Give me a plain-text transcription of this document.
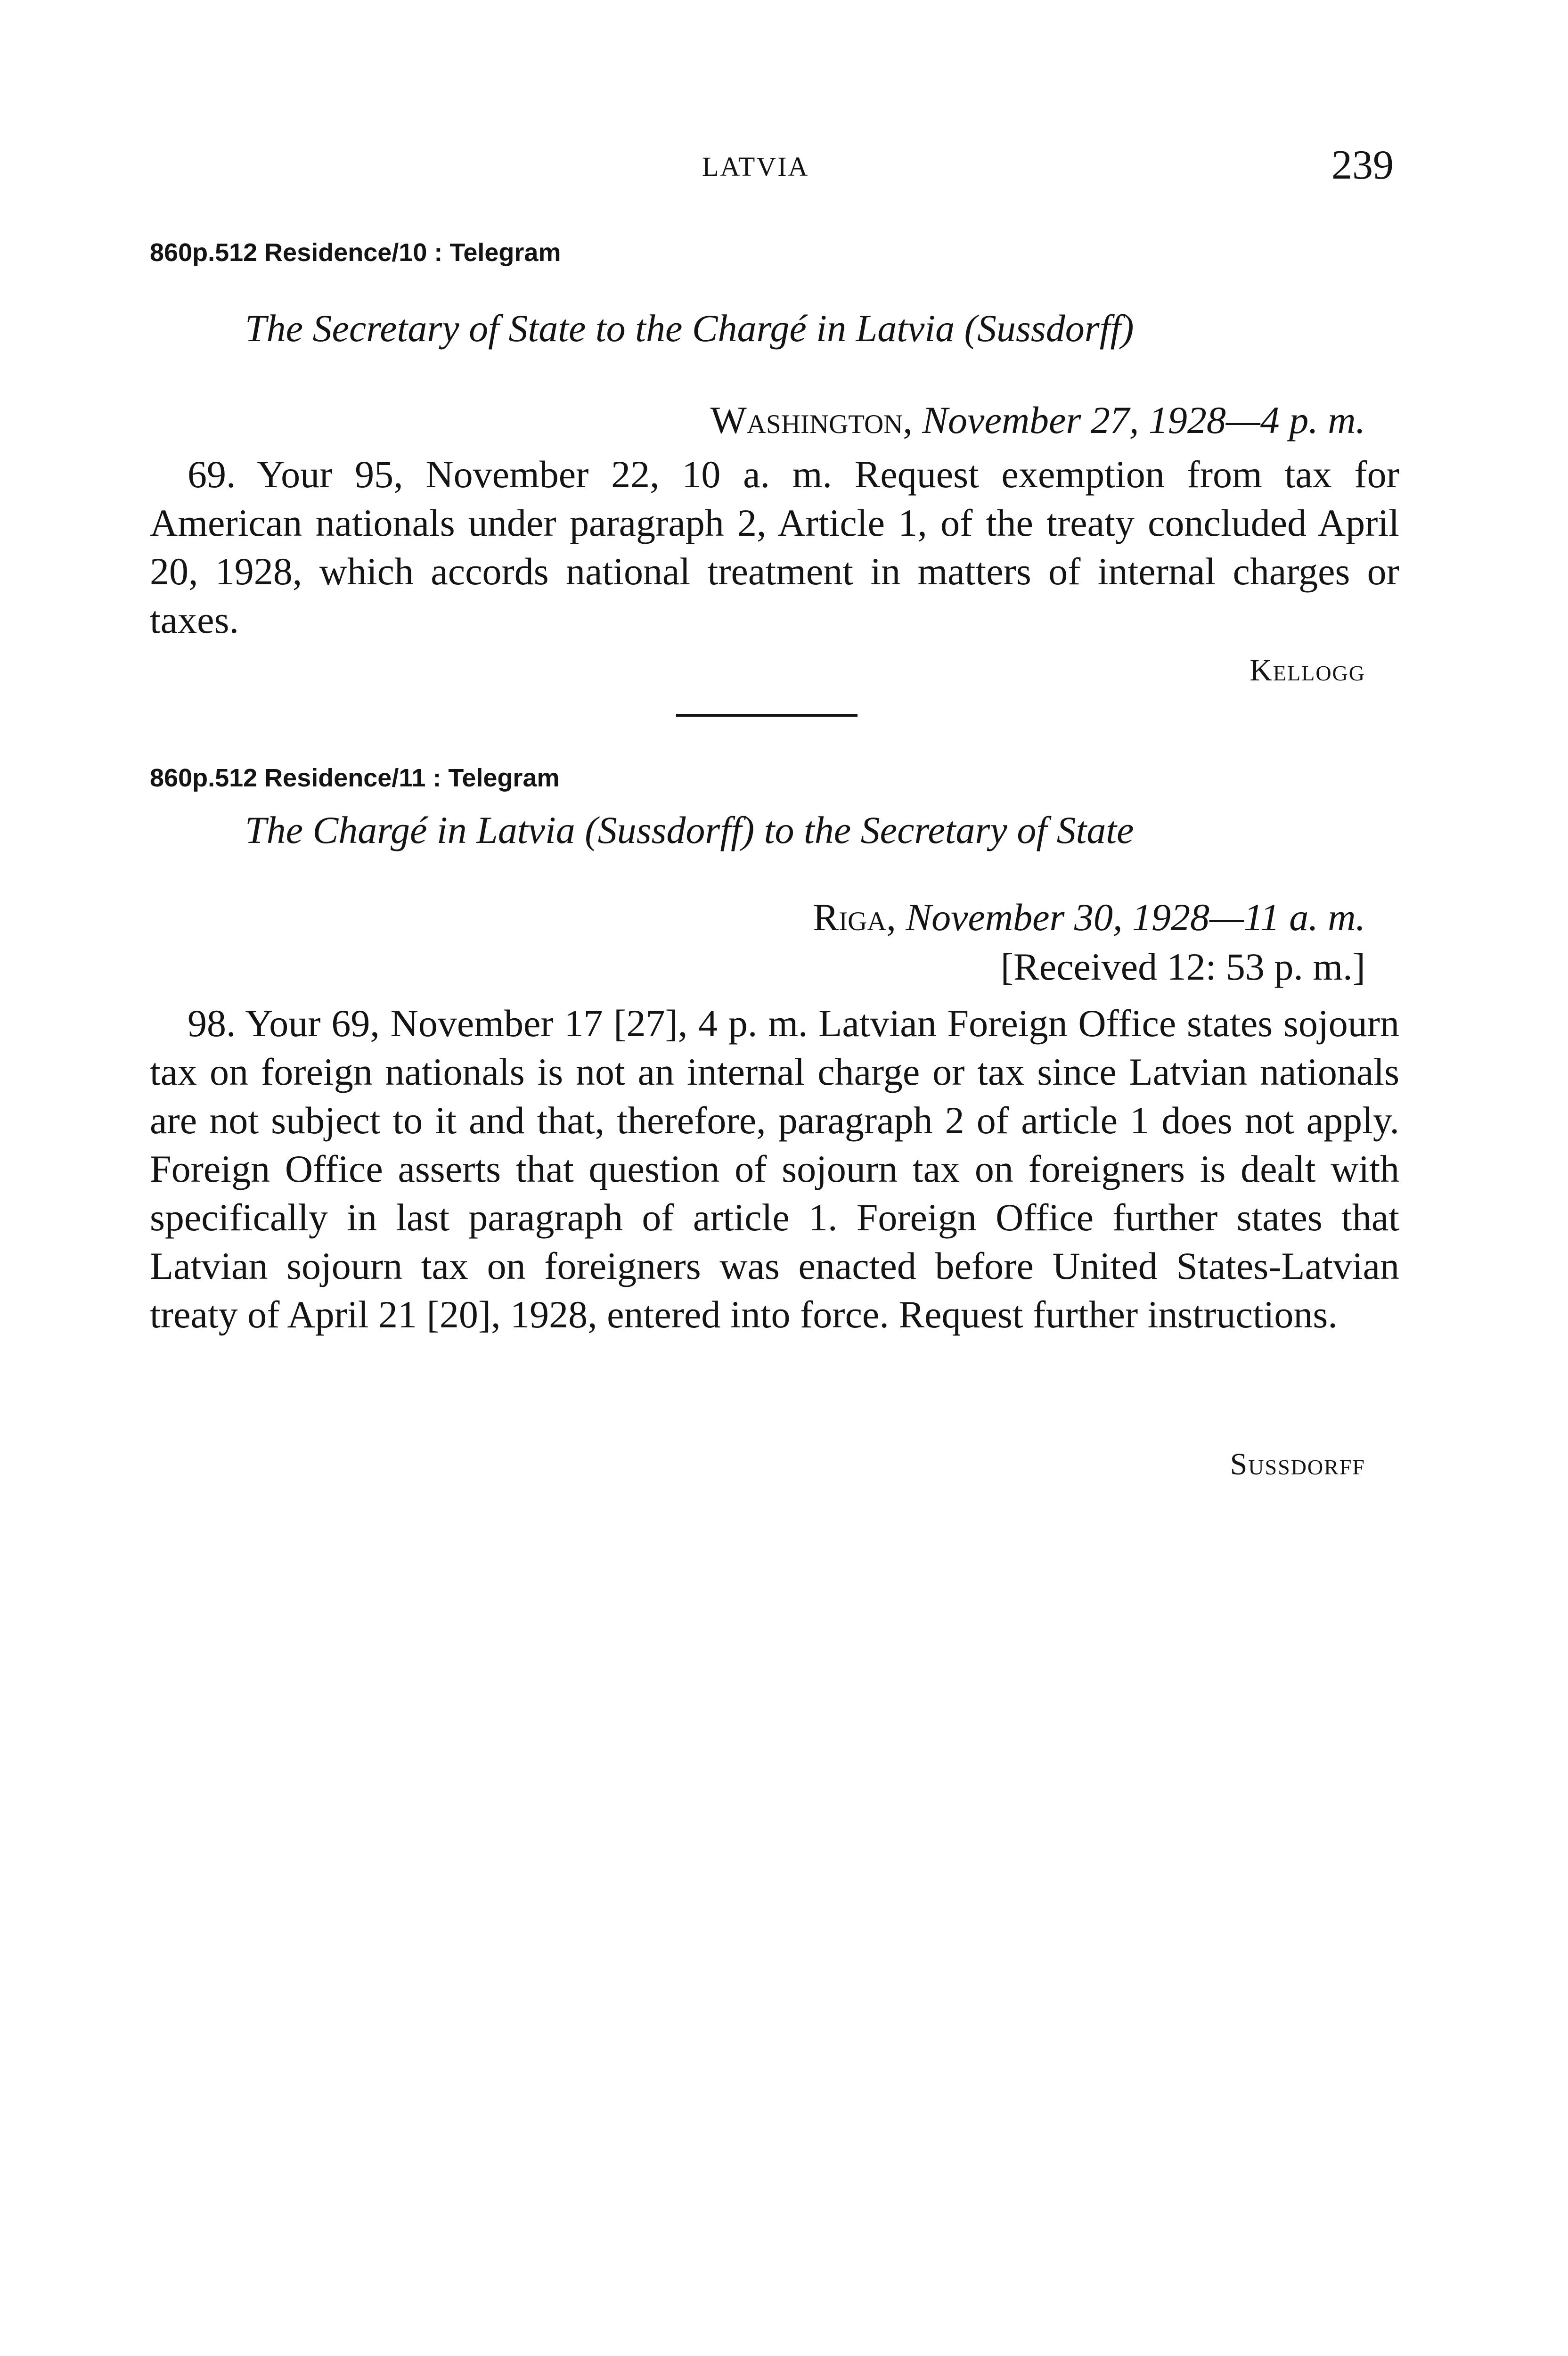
LATVIA	239
860p.512 Residence/10 : Telegram
The Secretary of State to the Chargé in Latvia (Sussdorff)
Washington, November 27, 1928—4 p. m.
69. Your 95, November 22, 10 a. m. Request exemption from tax for American nationals under paragraph 2, Article 1, of the treaty concluded April 20, 1928, which accords national treatment in matters of internal charges or taxes.
Kellogg
860p.512 Residence/11 : Telegram
The Chargé in Latvia (Sussdorff) to the Secretary of State
Riga, November 30, 1928—11 a. m.
[Received 12: 53 p. m.]
98. Your 69, November 17 [27], 4 p. m. Latvian Foreign Office states sojourn tax on foreign nationals is not an internal charge or tax since Latvian nationals are not subject to it and that, therefore, paragraph 2 of article 1 does not apply. Foreign Office asserts that question of sojourn tax on foreigners is dealt with specifically in last paragraph of article 1. Foreign Office further states that Latvian sojourn tax on foreigners was enacted before United States-Latvian treaty of April 21 [20], 1928, entered into force. Request further instructions.
Sussdorff
